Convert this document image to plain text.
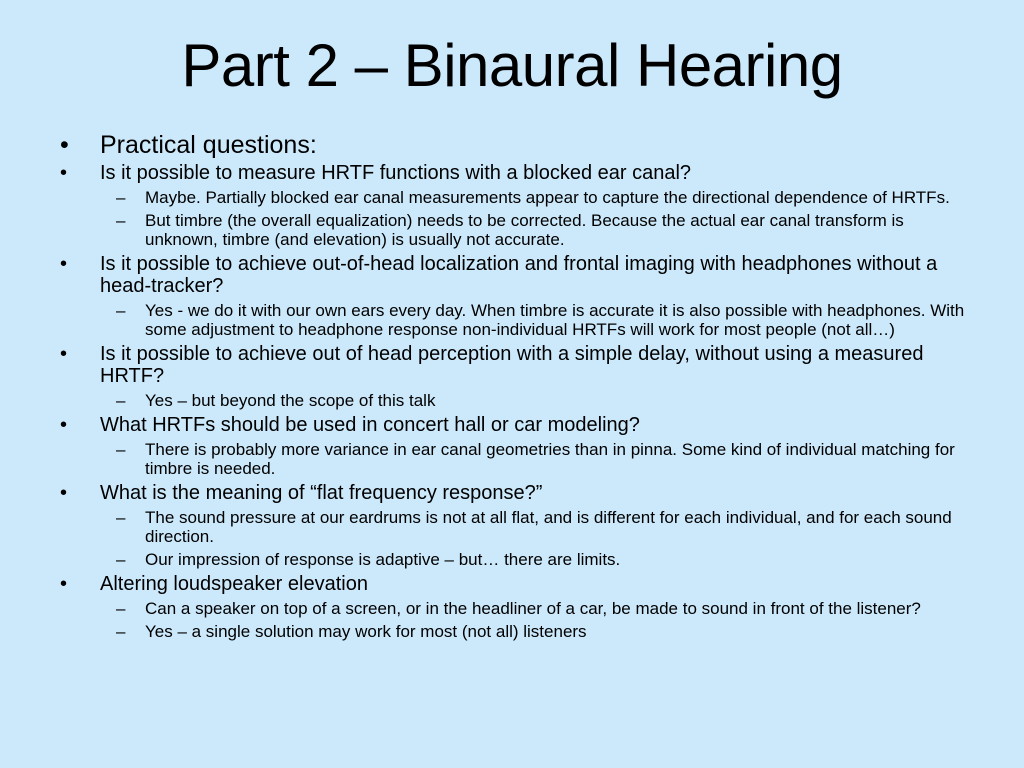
Part 2 – Binaural Hearing
• Practical questions:
• Is it possible to measure HRTF functions with a blocked ear canal?
– Maybe. Partially blocked ear canal measurements appear to capture the directional dependence of HRTFs.
– But timbre (the overall equalization) needs to be corrected. Because the actual ear canal transform is unknown, timbre (and elevation) is usually not accurate.
• Is it possible to achieve out-of-head localization and frontal imaging with headphones without a head-tracker?
– Yes - we do it with our own ears every day. When timbre is accurate it is also possible with headphones. With some adjustment to headphone response non-individual HRTFs will work for most people (not all…)
• Is it possible to achieve out of head perception with a simple delay, without using a measured HRTF?
– Yes – but beyond the scope of this talk
• What HRTFs should be used in concert hall or car modeling?
– There is probably more variance in ear canal geometries than in pinna. Some kind of individual matching for timbre is needed.
• What is the meaning of “flat frequency response?”
– The sound pressure at our eardrums is not at all flat, and is different for each individual, and for each sound direction.
– Our impression of response is adaptive – but… there are limits.
• Altering loudspeaker elevation
– Can a speaker on top of a screen, or in the headliner of a car, be made to sound in front of the listener?
– Yes – a single solution may work for most (not all) listeners
